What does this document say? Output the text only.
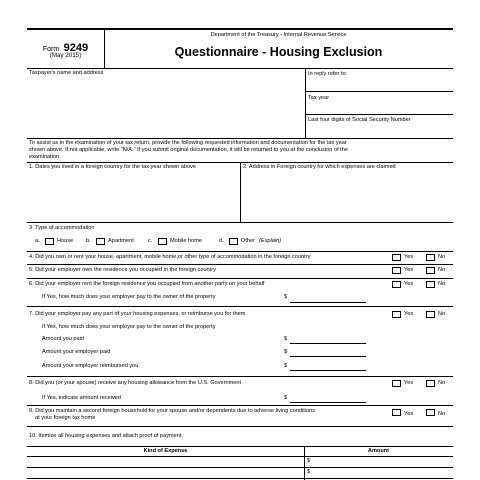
Form 9249
(May 2015)
Department of the Treasury - Internal Revenue Service
Questionnaire - Housing Exclusion
Taxpayer's name and address	In reply refer to:
Tax year
Last four digits of Social Security Number
To assist us in the examination of your tax return, provide the following requested information and documentation for the tax year
shown above. If not applicable, write "N/A." If you submit original documentation, it will be returned to you at the conclusion of the
examination.
1. Dates you lived in a foreign country for the tax year shown above	2. Address in Foreign country for which expenses are claimed
3. Type of accommodation
a.	House b.	Apartment	c.	Mobile home	d.	Other (Explain)
4. Did you own or rent your house, apartment, mobile home,or other type of accommodation in the foreign country	Yes	No
5. Did your employer own the residence you occupied in the foreign country	Yes	No
6. Did your employer rent the foreign residence you occupied from another party on your behalf	Yes	No
If Yes, how much does your employer pay to the owner of the property	$
7. Did your employer pay any part of your housing expenses, or reimburse you for them	Yes	No
If Yes, how much does your employer pay to the owner of the property
Amount you paid	$
Amount your employer paid	$
Amount your employer reimbursed you	$
8. Did you (or your spouse) receive any housing allowance from the U.S. Government	Yes	No
If Yes, indicate amount received	$
9. Did you maintain a second foreign household for your spouse and/or dependents due to adverse living conditions
at your foreign tax home
Yes	No
10. Itemize all housing expenses and attach proof of payment
Kind of Expense	Amount
$
$
